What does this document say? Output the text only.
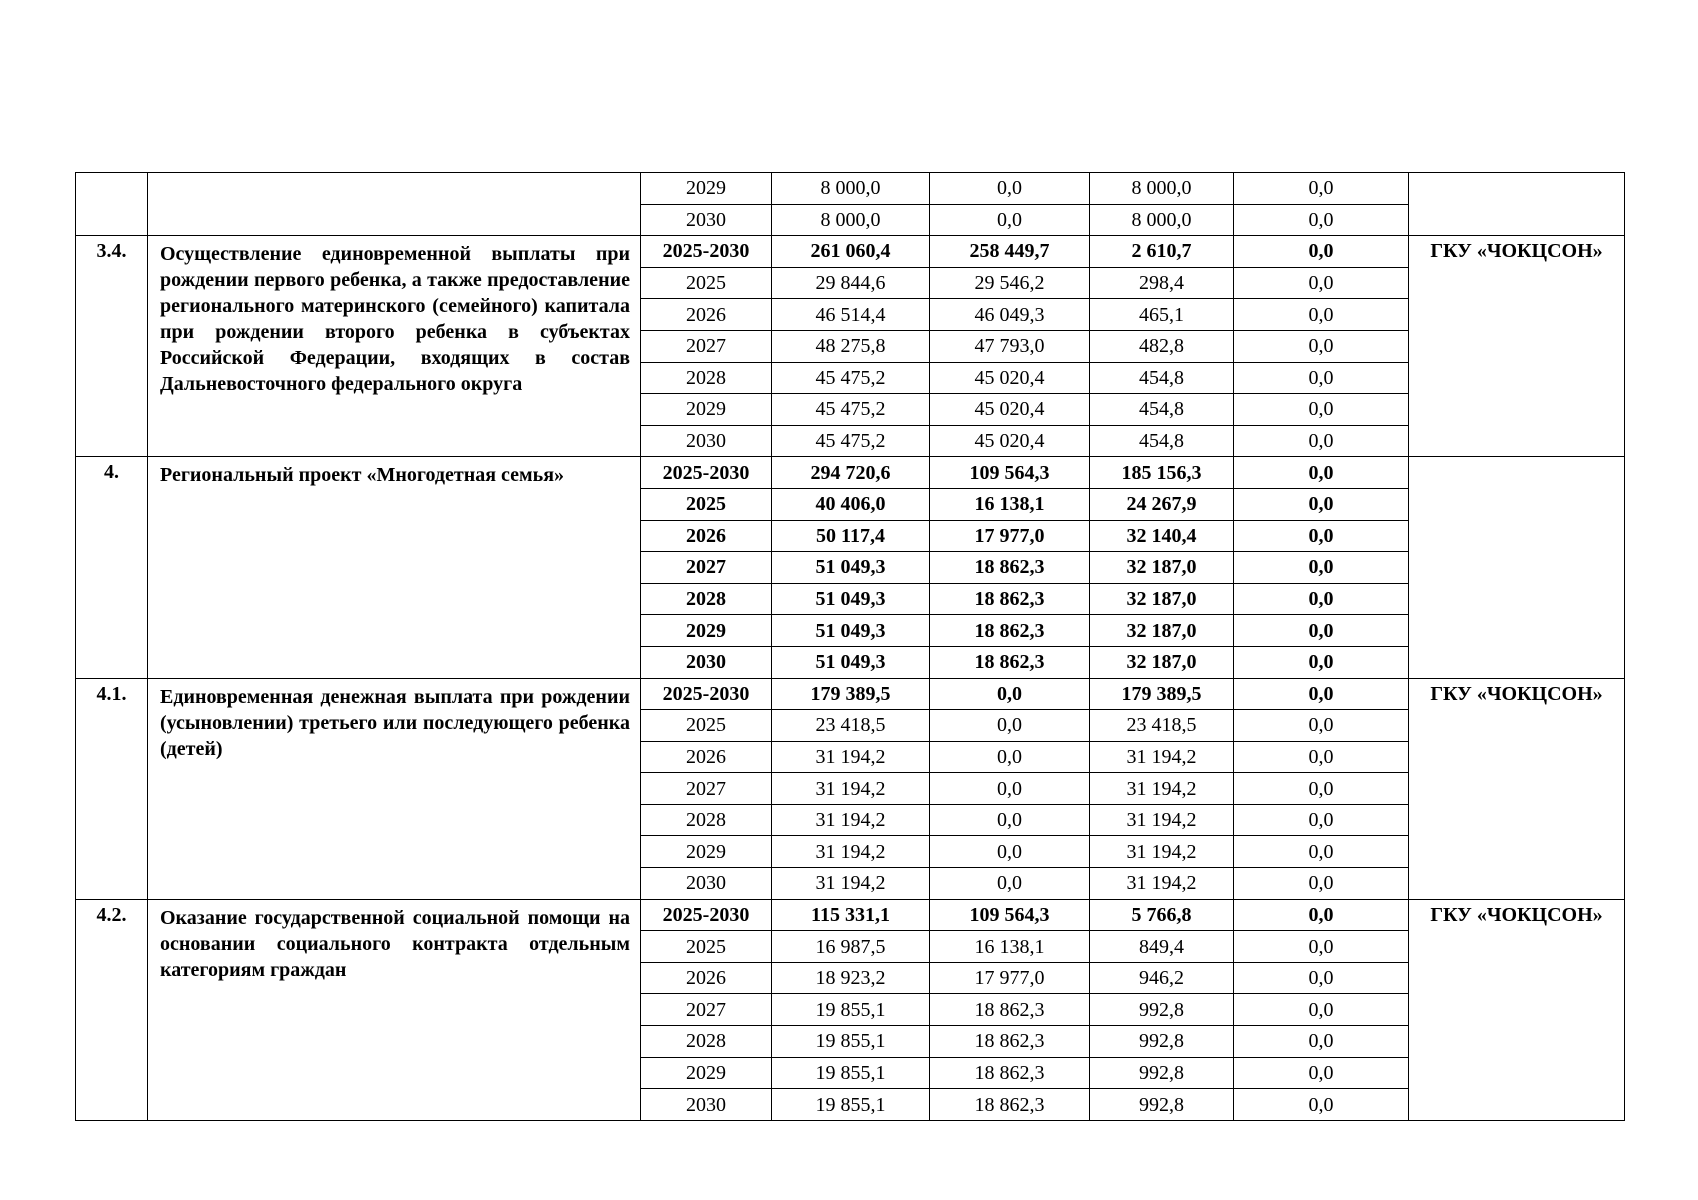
		2029	8 000,0	0,0	8 000,0	0,0	
		2030	8 000,0	0,0	8 000,0	0,0	
3.4.	Осуществление единовременной выплаты при рождении первого ребенка, а также предоставление регионального материнского (семейного) капитала при рождении второго ребенка в субъектах Российской Федерации, входящих в состав Дальневосточного федерального округа	2025-2030	261 060,4	258 449,7	2 610,7	0,0	ГКУ «ЧОКЦСОН»
		2025	29 844,6	29 546,2	298,4	0,0	
		2026	46 514,4	46 049,3	465,1	0,0	
		2027	48 275,8	47 793,0	482,8	0,0	
		2028	45 475,2	45 020,4	454,8	0,0	
		2029	45 475,2	45 020,4	454,8	0,0	
		2030	45 475,2	45 020,4	454,8	0,0	
4.	Региональный проект «Многодетная семья»	2025-2030	294 720,6	109 564,3	185 156,3	0,0	
		2025	40 406,0	16 138,1	24 267,9	0,0	
		2026	50 117,4	17 977,0	32 140,4	0,0	
		2027	51 049,3	18 862,3	32 187,0	0,0	
		2028	51 049,3	18 862,3	32 187,0	0,0	
		2029	51 049,3	18 862,3	32 187,0	0,0	
		2030	51 049,3	18 862,3	32 187,0	0,0	
4.1.	Единовременная денежная выплата при рождении (усыновлении) третьего или последующего ребенка (детей)	2025-2030	179 389,5	0,0	179 389,5	0,0	ГКУ «ЧОКЦСОН»
		2025	23 418,5	0,0	23 418,5	0,0	
		2026	31 194,2	0,0	31 194,2	0,0	
		2027	31 194,2	0,0	31 194,2	0,0	
		2028	31 194,2	0,0	31 194,2	0,0	
		2029	31 194,2	0,0	31 194,2	0,0	
		2030	31 194,2	0,0	31 194,2	0,0	
4.2.	Оказание государственной социальной помощи на основании социального контракта отдельным категориям граждан	2025-2030	115 331,1	109 564,3	5 766,8	0,0	ГКУ «ЧОКЦСОН»
		2025	16 987,5	16 138,1	849,4	0,0	
		2026	18 923,2	17 977,0	946,2	0,0	
		2027	19 855,1	18 862,3	992,8	0,0	
		2028	19 855,1	18 862,3	992,8	0,0	
		2029	19 855,1	18 862,3	992,8	0,0	
		2030	19 855,1	18 862,3	992,8	0,0	
